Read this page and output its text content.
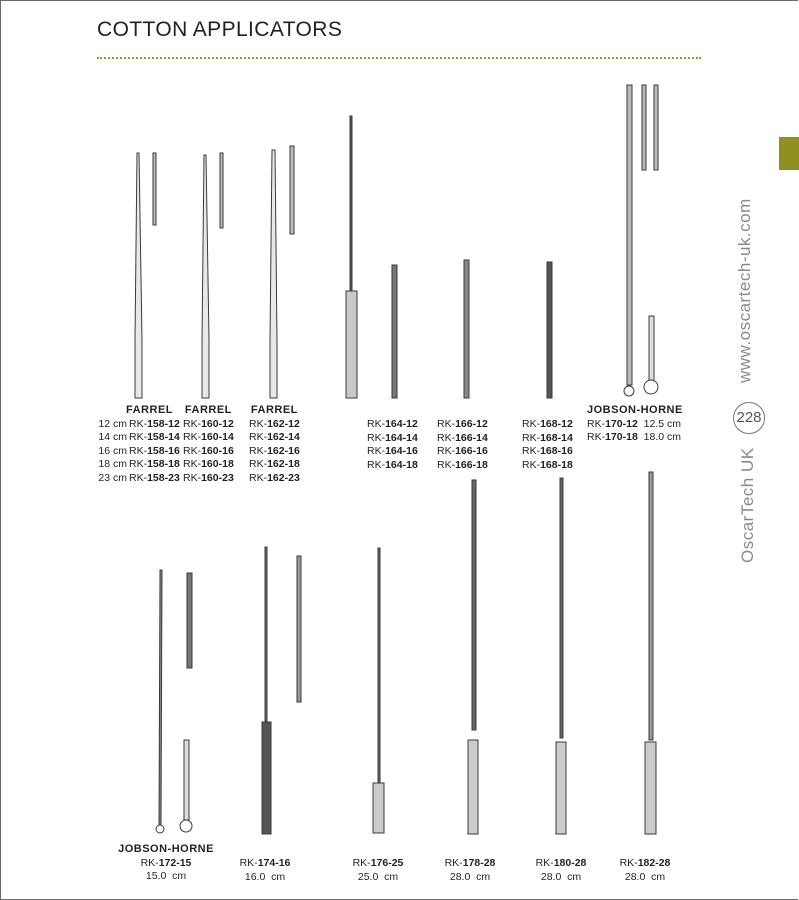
COTTON APPLICATORS
www.oscartech-uk.com
228
OscarTech UK
FARREL
12 cm RK-158-12
14 cm RK-158-14
16 cm RK-158-16
18 cm RK-158-18
23 cm RK-158-23
FARREL
RK-160-12
RK-160-14
RK-160-16
RK-160-18
RK-160-23
FARREL
RK-162-12
RK-162-14
RK-162-16
RK-162-18
RK-162-23
RK-164-12
RK-164-14
RK-164-16
RK-164-18
RK-166-12
RK-166-14
RK-166-16
RK-166-18
RK-168-12
RK-168-14
RK-168-16
RK-168-18
JOBSON-HORNE
RK-170-12 12.5 cm
RK-170-18 18.0 cm
JOBSON-HORNE
RK-172-15
15.0  cm
RK-174-16
16.0  cm
RK-176-25
25.0  cm
RK-178-28
28.0  cm
RK-180-28
28.0  cm
RK-182-28
28.0  cm
